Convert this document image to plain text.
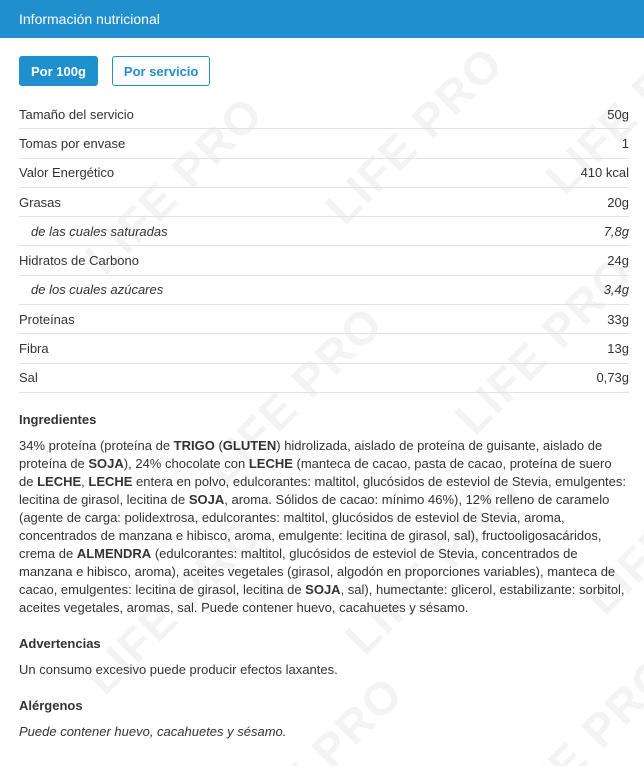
Información nutricional
Por 100g	Por servicio
Tamaño del servicio	50g
Tomas por envase	1
Valor Energético	410 kcal
Grasas	20g
de las cuales saturadas	7,8g
Hidratos de Carbono	24g
de los cuales azúcares	3,4g
Proteínas	33g
Fibra	13g
Sal	0,73g
Ingredientes
34% proteína (proteína de TRIGO (GLUTEN) hidrolizada, aislado de proteína de guisante, aislado de proteína de SOJA), 24% chocolate con LECHE (manteca de cacao, pasta de cacao, proteína de suero de LECHE, LECHE entera en polvo, edulcorantes: maltitol, glucósidos de esteviol de Stevia, emulgentes: lecitina de girasol, lecitina de SOJA, aroma. Sólidos de cacao: mínimo 46%), 12% relleno de caramelo (agente de carga: polidextrosa, edulcorantes: maltitol, glucósidos de esteviol de Stevia, aroma, concentrados de manzana e hibisco, aroma, emulgente: lecitina de girasol, sal), fructooligosacáridos, crema de ALMENDRA (edulcorantes: maltitol, glucósidos de esteviol de Stevia, concentrados de manzana e hibisco, aroma), aceites vegetales (girasol, algodón en proporciones variables), manteca de cacao, emulgentes: lecitina de girasol, lecitina de SOJA, sal), humectante: glicerol, estabilizante: sorbitol, aceites vegetales, aromas, sal. Puede contener huevo, cacahuetes y sésamo.
Advertencias
Un consumo excesivo puede producir efectos laxantes.
Alérgenos
Puede contener huevo, cacahuetes y sésamo.
